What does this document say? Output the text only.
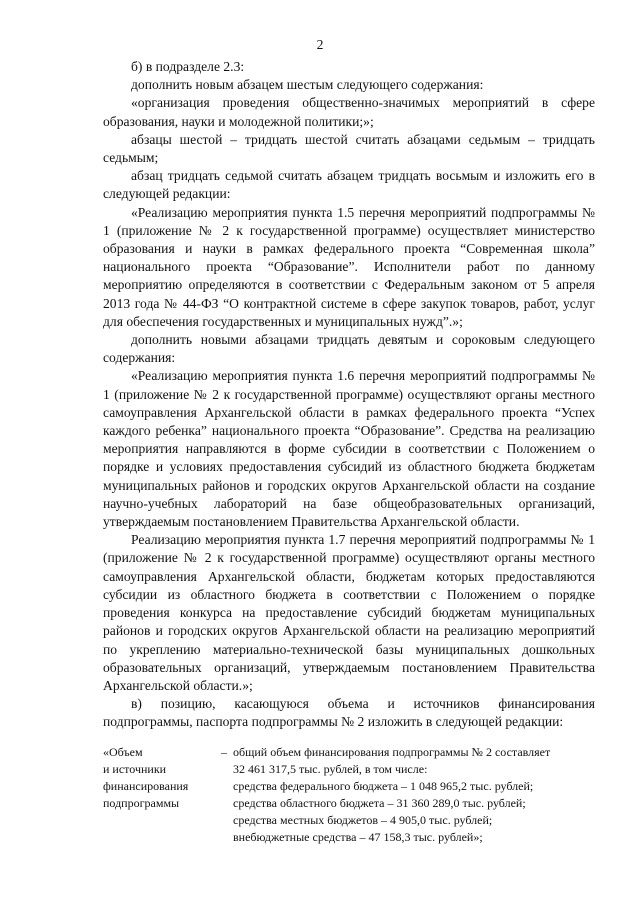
2

б) в подразделе 2.3:

дополнить новым абзацем шестым следующего содержания:

«организация проведения общественно-значимых мероприятий в сфере образования, науки и молодежной политики;»;

абзацы шестой – тридцать шестой считать абзацами седьмым – тридцать седьмым;

абзац тридцать седьмой считать абзацем тридцать восьмым и изложить его в следующей редакции:

«Реализацию мероприятия пункта 1.5 перечня мероприятий подпрограммы № 1 (приложение № 2 к государственной программе) осуществляет министерство образования и науки в рамках федерального проекта “Современная школа” национального проекта “Образование”. Исполнители работ по данному мероприятию определяются в соответствии с Федеральным законом от 5 апреля 2013 года № 44-ФЗ “О контрактной системе в сфере закупок товаров, работ, услуг для обеспечения государственных и муниципальных нужд”.»;

дополнить новыми абзацами тридцать девятым и сороковым следующего содержания:

«Реализацию мероприятия пункта 1.6 перечня мероприятий подпрограммы № 1 (приложение № 2 к государственной программе) осуществляют органы местного самоуправления Архангельской области в рамках федерального проекта “Успех каждого ребенка” национального проекта “Образование”. Средства на реализацию мероприятия направляются в форме субсидии в соответствии с Положением о порядке и условиях предоставления субсидий из областного бюджета бюджетам муниципальных районов и городских округов Архангельской области на создание научно-учебных лабораторий на базе общеобразовательных организаций, утверждаемым постановлением Правительства Архангельской области.

Реализацию мероприятия пункта 1.7 перечня мероприятий подпрограммы № 1 (приложение № 2 к государственной программе) осуществляют органы местного самоуправления Архангельской области, бюджетам которых предоставляются субсидии из областного бюджета в соответствии с Положением о порядке проведения конкурса на предоставление субсидий бюджетам муниципальных районов и городских округов Архангельской области на реализацию мероприятий по укреплению материально-технической базы муниципальных дошкольных образовательных организаций, утверждаемым постановлением Правительства Архангельской области.»;

в) позицию, касающуюся объема и источников финансирования подпрограммы, паспорта подпрограммы № 2 изложить в следующей редакции:

«Объем
и источники
финансирования
подпрограммы
– общий объем финансирования подпрограммы № 2 составляет
32 461 317,5 тыс. рублей, в том числе:
средства федерального бюджета – 1 048 965,2 тыс. рублей;
средства областного бюджета – 31 360 289,0 тыс. рублей;
средства местных бюджетов – 4 905,0 тыс. рублей;
внебюджетные средства – 47 158,3 тыс. рублей»;
